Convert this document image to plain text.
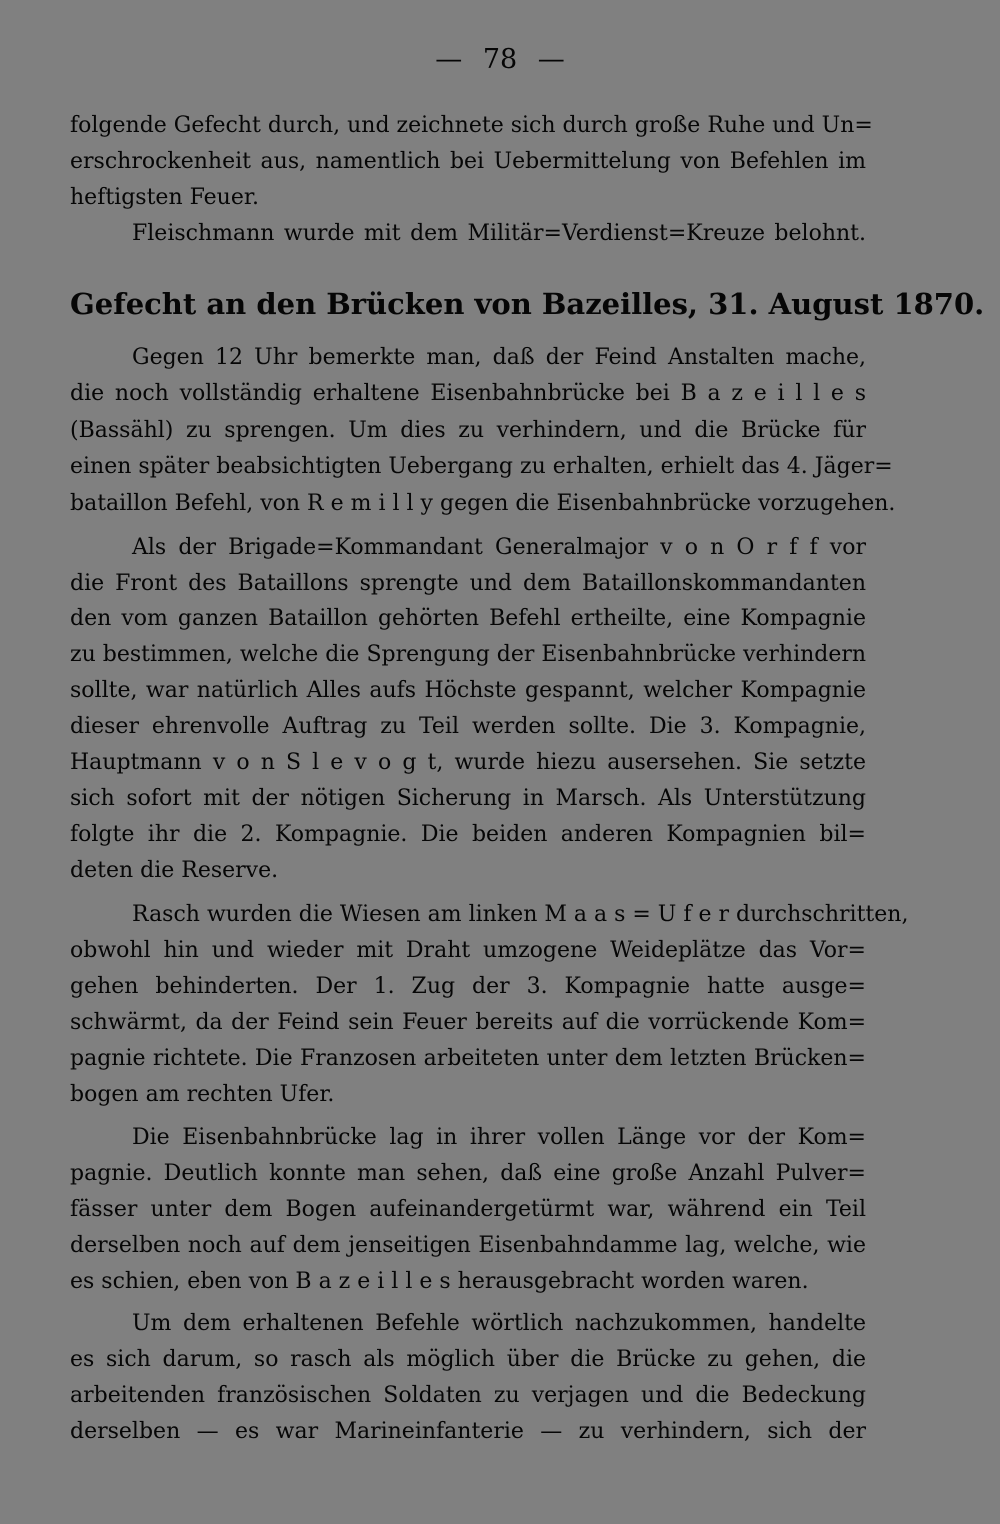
— 78 —
folgende Gefecht durch, und zeichnete sich durch große Ruhe und Un=
erschrockenheit aus, namentlich bei Uebermittelung von Befehlen im
heftigsten Feuer.
Fleischmann wurde mit dem Militär=Verdienst=Kreuze belohnt.
Gefecht an den Brücken von Bazeilles, 31. August 1870.
Gegen 12 Uhr bemerkte man, daß der Feind Anstalten mache,
die noch vollständig erhaltene Eisenbahnbrücke bei B a z e i l l e s
(Bassähl) zu sprengen. Um dies zu verhindern, und die Brücke für
einen später beabsichtigten Uebergang zu erhalten, erhielt das 4. Jäger=
bataillon Befehl, von R e m i l l y gegen die Eisenbahnbrücke vorzugehen.
Als der Brigade=Kommandant Generalmajor v o n O r f f vor
die Front des Bataillons sprengte und dem Bataillonskommandanten
den vom ganzen Bataillon gehörten Befehl ertheilte, eine Kompagnie
zu bestimmen, welche die Sprengung der Eisenbahnbrücke verhindern
sollte, war natürlich Alles aufs Höchste gespannt, welcher Kompagnie
dieser ehrenvolle Auftrag zu Teil werden sollte. Die 3. Kompagnie,
Hauptmann v o n S l e v o g t, wurde hiezu ausersehen. Sie setzte
sich sofort mit der nötigen Sicherung in Marsch. Als Unterstützung
folgte ihr die 2. Kompagnie. Die beiden anderen Kompagnien bil=
deten die Reserve.
Rasch wurden die Wiesen am linken M a a s = U f e r durchschritten,
obwohl hin und wieder mit Draht umzogene Weideplätze das Vor=
gehen behinderten. Der 1. Zug der 3. Kompagnie hatte ausge=
schwärmt, da der Feind sein Feuer bereits auf die vorrückende Kom=
pagnie richtete. Die Franzosen arbeiteten unter dem letzten Brücken=
bogen am rechten Ufer.
Die Eisenbahnbrücke lag in ihrer vollen Länge vor der Kom=
pagnie. Deutlich konnte man sehen, daß eine große Anzahl Pulver=
fässer unter dem Bogen aufeinandergetürmt war, während ein Teil
derselben noch auf dem jenseitigen Eisenbahndamme lag, welche, wie
es schien, eben von B a z e i l l e s herausgebracht worden waren.
Um dem erhaltenen Befehle wörtlich nachzukommen, handelte
es sich darum, so rasch als möglich über die Brücke zu gehen, die
arbeitenden französischen Soldaten zu verjagen und die Bedeckung
derselben — es war Marineinfanterie — zu verhindern, sich der
